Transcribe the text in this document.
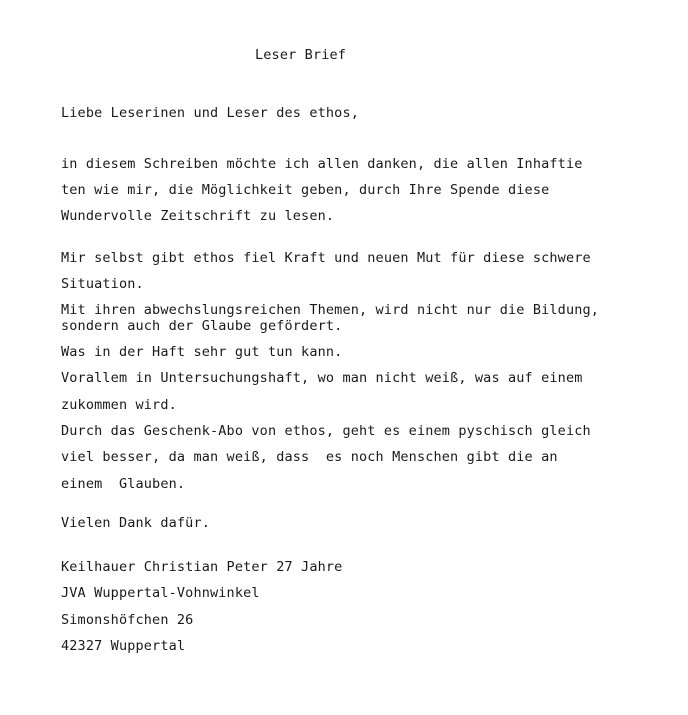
Leser Brief
Liebe Leserinen und Leser des ethos,
in diesem Schreiben möchte ich allen danken, die allen Inhaftie
ten wie mir, die Möglichkeit geben, durch Ihre Spende diese
Wundervolle Zeitschrift zu lesen.
Mir selbst gibt ethos fiel Kraft und neuen Mut für diese schwere
Situation.
Mit ihren abwechslungsreichen Themen, wird nicht nur die Bildung,
sondern auch der Glaube gefördert.
Was in der Haft sehr gut tun kann.
Vorallem in Untersuchungshaft, wo man nicht weiß, was auf einem
zukommen wird.
Durch das Geschenk-Abo von ethos, geht es einem pyschisch gleich
viel besser, da man weiß, dass  es noch Menschen gibt die an
einem  Glauben.
Vielen Dank dafür.
Keilhauer Christian Peter 27 Jahre
JVA Wuppertal-Vohnwinkel
Simonshöfchen 26
42327 Wuppertal
